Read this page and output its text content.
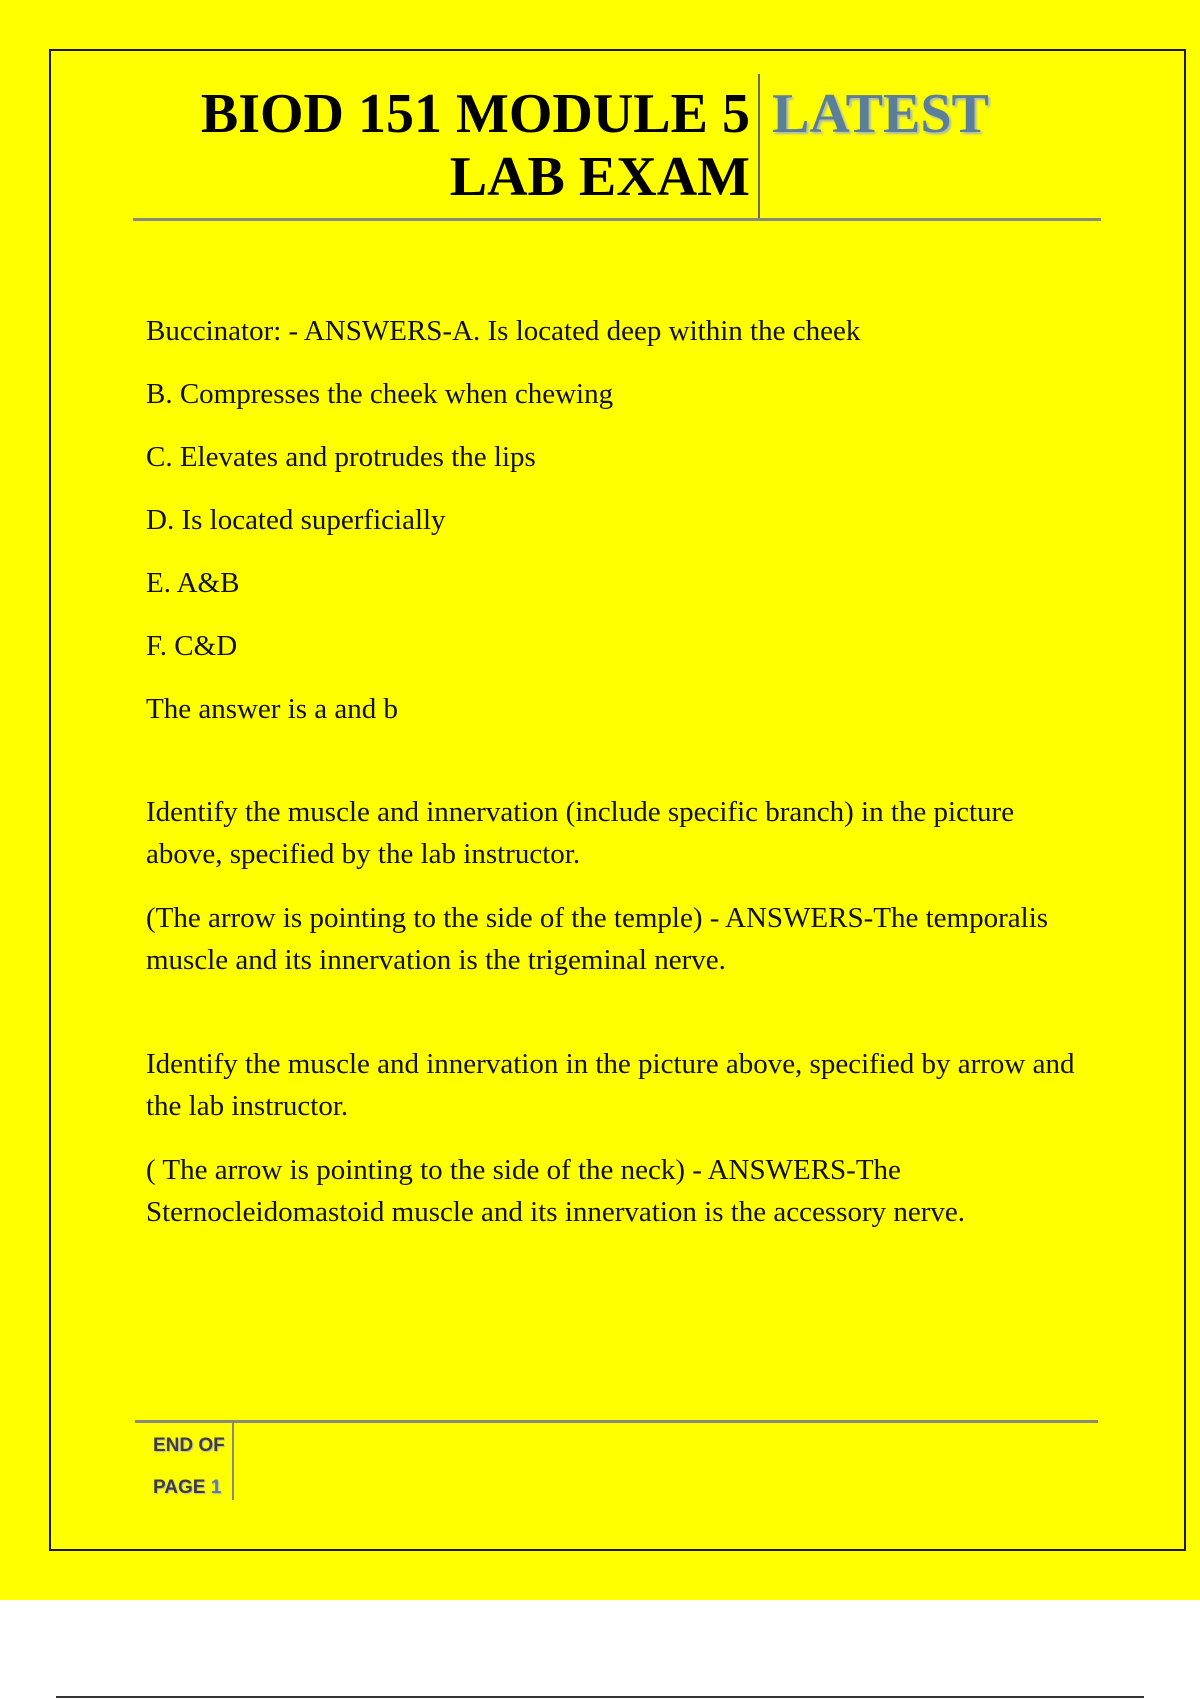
BIOD 151 MODULE 5
LAB EXAM
LATEST

Buccinator: - ANSWERS-A. Is located deep within the cheek

B. Compresses the cheek when chewing

C. Elevates and protrudes the lips

D. Is located superficially

E. A&B

F. C&D

The answer is a and b

Identify the muscle and innervation (include specific branch) in the picture above, specified by the lab instructor.

(The arrow is pointing to the side of the temple) - ANSWERS-The temporalis muscle and its innervation is the trigeminal nerve.

Identify the muscle and innervation in the picture above, specified by arrow and the lab instructor.

( The arrow is pointing to the side of the neck) - ANSWERS-The Sternocleidomastoid muscle and its innervation is the accessory nerve.

END OF
PAGE 1
